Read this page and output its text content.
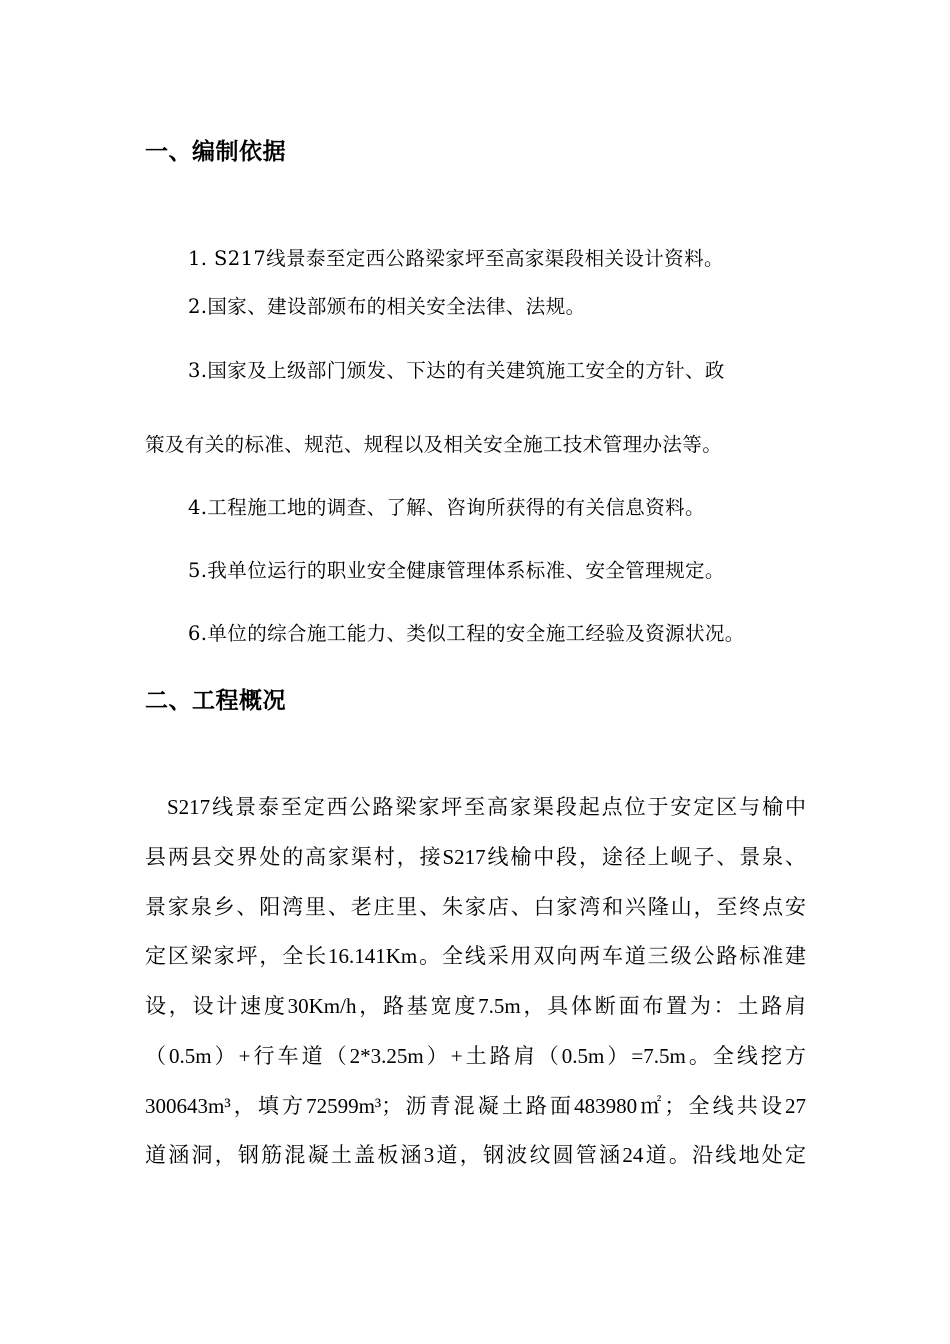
一、编制依据
1. S217线景泰至定西公路梁家坪至高家渠段相关设计资料。
2.国家、建设部颁布的相关安全法律、法规。
3.国家及上级部门颁发、下达的有关建筑施工安全的方针、政
策及有关的标准、规范、规程以及相关安全施工技术管理办法等。
4.工程施工地的调查、了解、咨询所获得的有关信息资料。
5.我单位运行的职业安全健康管理体系标准、安全管理规定。
6.单位的综合施工能力、类似工程的安全施工经验及资源状况。
二、工程概况
S217线景泰至定西公路梁家坪至高家渠段起点位于安定区与榆中
县两县交界处的高家渠村，接S217线榆中段，途径上岘子、景泉、
景家泉乡、阳湾里、老庄里、朱家店、白家湾和兴隆山，至终点安
定区梁家坪，全长16.141Km。全线采用双向两车道三级公路标准建
设，设计速度30Km/h，路基宽度7.5m，具体断面布置为：土路肩
（0.5m）+行车道（2*3.25m）+土路肩（0.5m）=7.5m。全线挖方
300643m³，填方72599m³；沥青混凝土路面483980㎡；全线共设27
道涵洞，钢筋混凝土盖板涵3道，钢波纹圆管涵24道。沿线地处定
